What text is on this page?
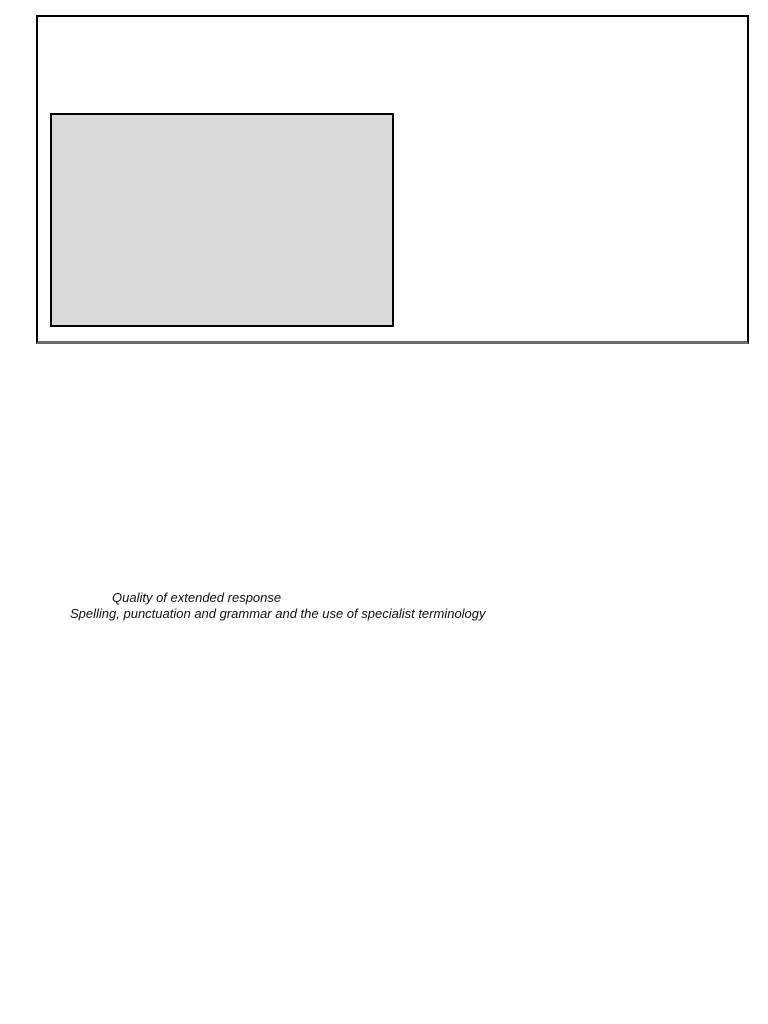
Quality of extended response
Spelling, punctuation and grammar and the use of specialist terminology
